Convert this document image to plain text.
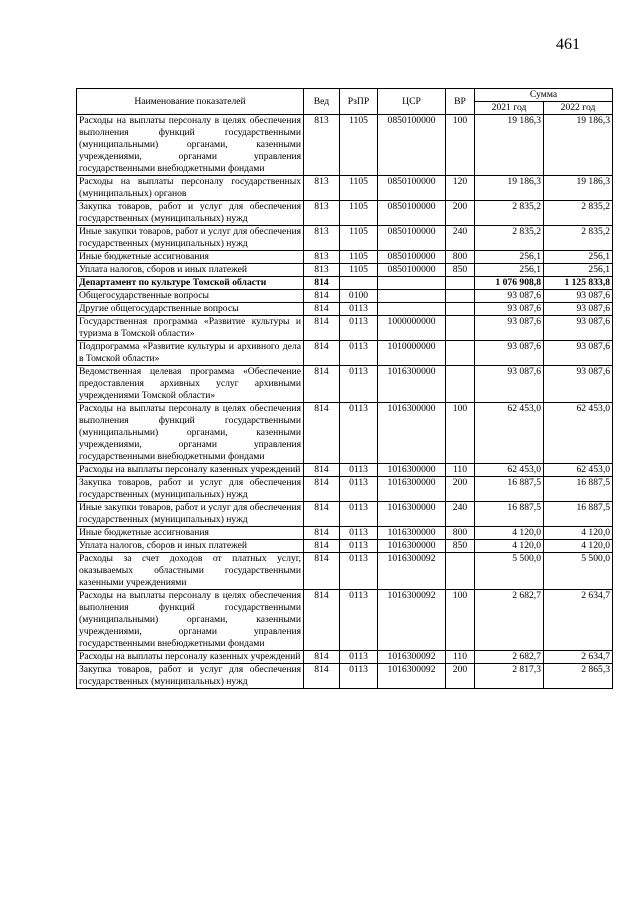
461
Наименование показателей	Вед	РзПР	ЦСР	ВР	Сумма	
					2021 год	2022 год
Расходы на выплаты персоналу в целях обеспечения выполнения функций государственными (муниципальными) органами, казенными учреждениями, органами управления государственными внебюджетными фондами	813	1105	0850100000	100	19 186,3	19 186,3
Расходы на выплаты персоналу государственных (муниципальных) органов	813	1105	0850100000	120	19 186,3	19 186,3
Закупка товаров, работ и услуг для обеспечения государственных (муниципальных) нужд	813	1105	0850100000	200	2 835,2	2 835,2
Иные закупки товаров, работ и услуг для обеспечения государственных (муниципальных) нужд	813	1105	0850100000	240	2 835,2	2 835,2
Иные бюджетные ассигнования	813	1105	0850100000	800	256,1	256,1
Уплата налогов, сборов и иных платежей	813	1105	0850100000	850	256,1	256,1
Департамент по культуре Томской области	814				1 076 908,8	1 125 833,8
Общегосударственные вопросы	814	0100			93 087,6	93 087,6
Другие общегосударственные вопросы	814	0113			93 087,6	93 087,6
Государственная программа «Развитие культуры и туризма в Томской области»	814	0113	1000000000		93 087,6	93 087,6
Подпрограмма «Развитие культуры и архивного дела в Томской области»	814	0113	1010000000		93 087,6	93 087,6
Ведомственная целевая программа «Обеспечение предоставления архивных услуг архивными учреждениями Томской области»	814	0113	1016300000		93 087,6	93 087,6
Расходы на выплаты персоналу в целях обеспечения выполнения функций государственными (муниципальными) органами, казенными учреждениями, органами управления государственными внебюджетными фондами	814	0113	1016300000	100	62 453,0	62 453,0
Расходы на выплаты персоналу казенных учреждений	814	0113	1016300000	110	62 453,0	62 453,0
Закупка товаров, работ и услуг для обеспечения государственных (муниципальных) нужд	814	0113	1016300000	200	16 887,5	16 887,5
Иные закупки товаров, работ и услуг для обеспечения государственных (муниципальных) нужд	814	0113	1016300000	240	16 887,5	16 887,5
Иные бюджетные ассигнования	814	0113	1016300000	800	4 120,0	4 120,0
Уплата налогов, сборов и иных платежей	814	0113	1016300000	850	4 120,0	4 120,0
Расходы за счет доходов от платных услуг, оказываемых областными государственными казенными учреждениями	814	0113	1016300092		5 500,0	5 500,0
Расходы на выплаты персоналу в целях обеспечения выполнения функций государственными (муниципальными) органами, казенными учреждениями, органами управления государственными внебюджетными фондами	814	0113	1016300092	100	2 682,7	2 634,7
Расходы на выплаты персоналу казенных учреждений	814	0113	1016300092	110	2 682,7	2 634,7
Закупка товаров, работ и услуг для обеспечения государственных (муниципальных) нужд	814	0113	1016300092	200	2 817,3	2 865,3
